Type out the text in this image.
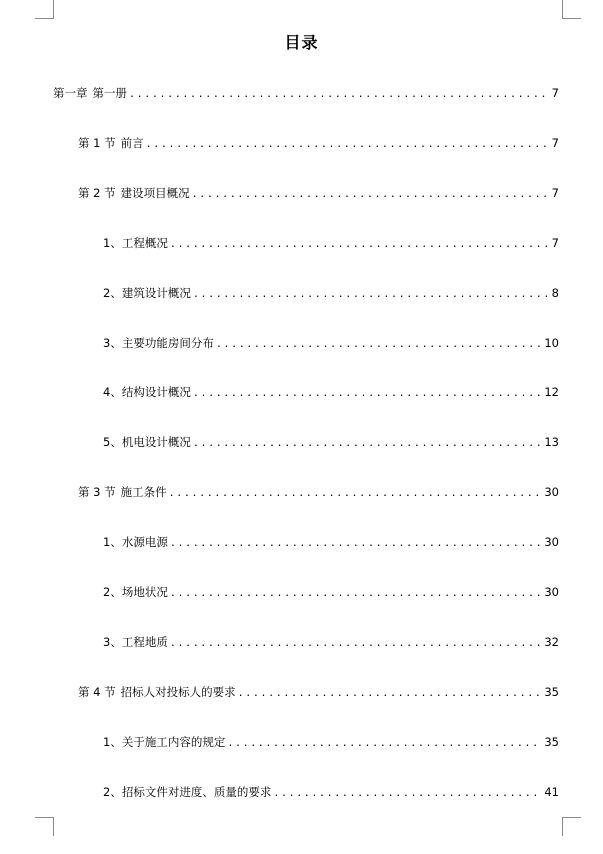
目录
第一章 第一册 .....	7
第 1 节 前言 .....	7
第 2 节 建设项目概况 .....	7
1、 工程概况 .....	7
2、 建筑设计概况 .....	8
3、 主要功能房间分布 .....	10
4、 结构设计概况 .....	12
5、 机电设计概况 .....	13
第 3 节 施工条件 .....	30
1、 水源电源 .....	30
2、 场地状况 .....	30
3、 工程地质 .....	32
第 4 节 招标人对投标人的要求 .....	35
1、 关于施工内容的规定 .....	35
2、 招标文件对进度、质量的要求 .....	41
